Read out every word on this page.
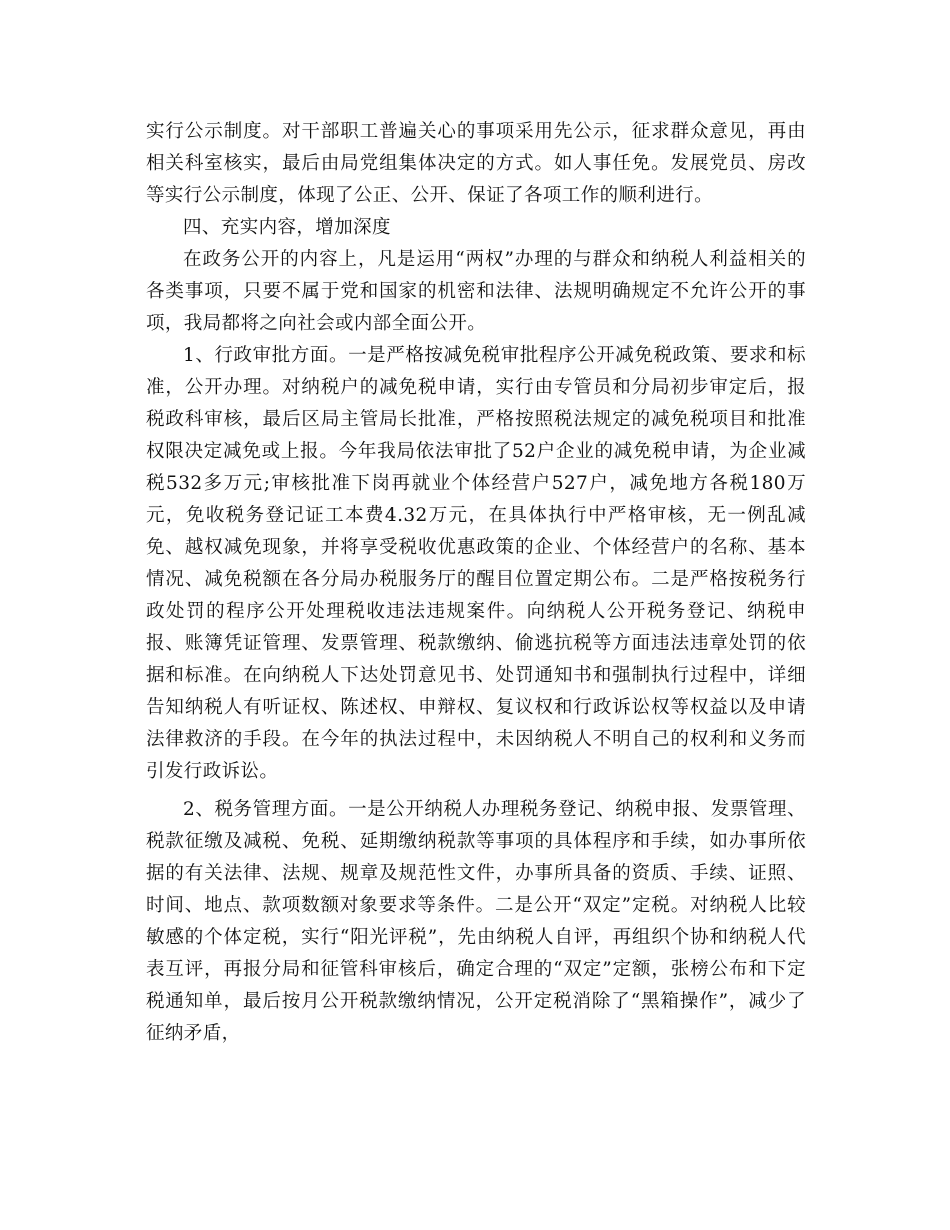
实行公示制度。对干部职工普遍关心的事项采用先公示，征求群众意见，再由相关科室核实，最后由局党组集体决定的方式。如人事任免。发展党员、房改等实行公示制度，体现了公正、公开、保证了各项工作的顺利进行。

四、充实内容，增加深度

在政务公开的内容上，凡是运用“两权”办理的与群众和纳税人利益相关的各类事项，只要不属于党和国家的机密和法律、法规明确规定不允许公开的事项，我局都将之向社会或内部全面公开。

1、行政审批方面。一是严格按减免税审批程序公开减免税政策、要求和标准，公开办理。对纳税户的减免税申请，实行由专管员和分局初步审定后，报税政科审核，最后区局主管局长批准，严格按照税法规定的减免税项目和批准权限决定减免或上报。今年我局依法审批了52户企业的减免税申请，为企业减税532多万元;审核批准下岗再就业个体经营户527户，减免地方各税180万元，免收税务登记证工本费4.32万元，在具体执行中严格审核，无一例乱减免、越权减免现象，并将享受税收优惠政策的企业、个体经营户的名称、基本情况、减免税额在各分局办税服务厅的醒目位置定期公布。二是严格按税务行政处罚的程序公开处理税收违法违规案件。向纳税人公开税务登记、纳税申报、账簿凭证管理、发票管理、税款缴纳、偷逃抗税等方面违法违章处罚的依据和标准。在向纳税人下达处罚意见书、处罚通知书和强制执行过程中，详细告知纳税人有听证权、陈述权、申辩权、复议权和行政诉讼权等权益以及申请法律救济的手段。在今年的执法过程中，未因纳税人不明自己的权利和义务而引发行政诉讼。

2、税务管理方面。一是公开纳税人办理税务登记、纳税申报、发票管理、税款征缴及减税、免税、延期缴纳税款等事项的具体程序和手续，如办事所依据的有关法律、法规、规章及规范性文件，办事所具备的资质、手续、证照、时间、地点、款项数额对象要求等条件。二是公开“双定”定税。对纳税人比较敏感的个体定税，实行“阳光评税”，先由纳税人自评，再组织个协和纳税人代表互评，再报分局和征管科审核后，确定合理的“双定”定额，张榜公布和下定税通知单，最后按月公开税款缴纳情况，公开定税消除了“黑箱操作”，减少了征纳矛盾，
